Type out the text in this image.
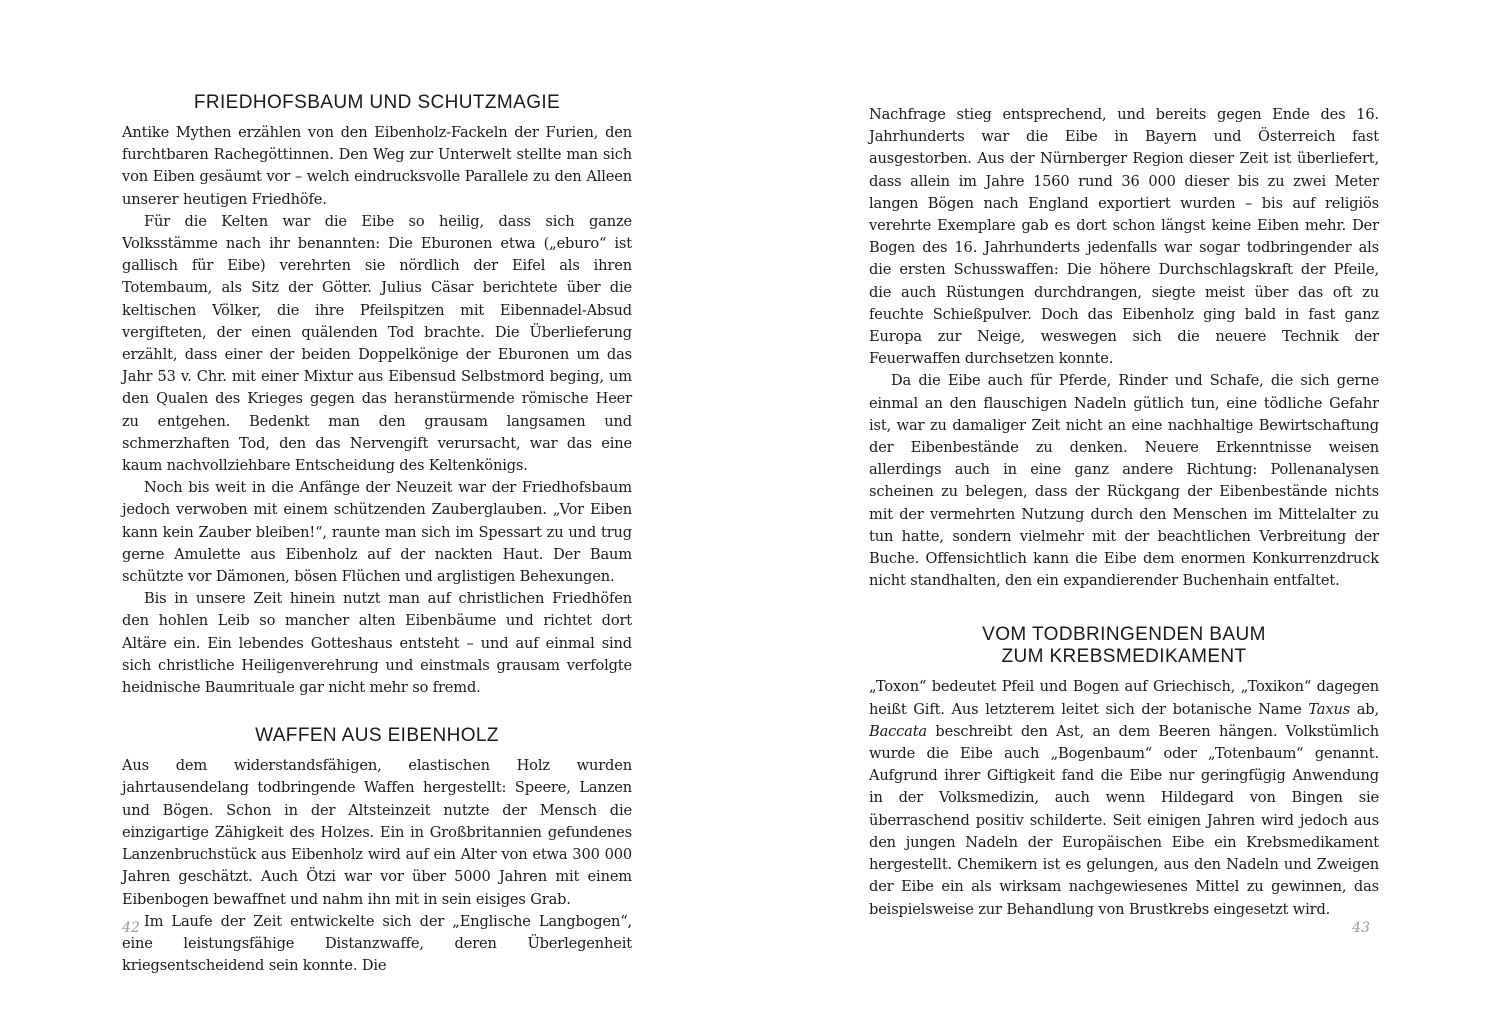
FRIEDHOFSBAUM UND SCHUTZMAGIE

Antike Mythen erzählen von den Eibenholz-Fackeln der Furien, den furchtbaren Rachegöttinnen. Den Weg zur Unterwelt stellte man sich von Eiben gesäumt vor – welch eindrucksvolle Parallele zu den Alleen unserer heutigen Friedhöfe.

Für die Kelten war die Eibe so heilig, dass sich ganze Volksstämme nach ihr benannten: Die Eburonen etwa („eburo“ ist gallisch für Eibe) verehrten sie nördlich der Eifel als ihren Totembaum, als Sitz der Götter. Julius Cäsar berichtete über die keltischen Völker, die ihre Pfeilspitzen mit Eibennadel-Absud vergifteten, der einen quälenden Tod brachte. Die Überlieferung erzählt, dass einer der beiden Doppelkönige der Eburonen um das Jahr 53 v. Chr. mit einer Mixtur aus Eibensud Selbstmord beging, um den Qualen des Krieges gegen das heranstürmende römische Heer zu entgehen. Bedenkt man den grausam langsamen und schmerzhaften Tod, den das Nervengift verursacht, war das eine kaum nachvollziehbare Entscheidung des Keltenkönigs.

Noch bis weit in die Anfänge der Neuzeit war der Friedhofsbaum jedoch verwoben mit einem schützenden Zauberglauben. „Vor Eiben kann kein Zauber bleiben!“, raunte man sich im Spessart zu und trug gerne Amulette aus Eibenholz auf der nackten Haut. Der Baum schützte vor Dämonen, bösen Flüchen und arglistigen Behexungen.

Bis in unsere Zeit hinein nutzt man auf christlichen Friedhöfen den hohlen Leib so mancher alten Eibenbäume und richtet dort Altäre ein. Ein lebendes Gotteshaus entsteht – und auf einmal sind sich christliche Heiligenverehrung und einstmals grausam verfolgte heidnische Baumrituale gar nicht mehr so fremd.

WAFFEN AUS EIBENHOLZ

Aus dem widerstandsfähigen, elastischen Holz wurden jahrtausendelang todbringende Waffen hergestellt: Speere, Lanzen und Bögen. Schon in der Altsteinzeit nutzte der Mensch die einzigartige Zähigkeit des Holzes. Ein in Großbritannien gefundenes Lanzenbruchstück aus Eibenholz wird auf ein Alter von etwa 300 000 Jahren geschätzt. Auch Ötzi war vor über 5000 Jahren mit einem Eibenbogen bewaffnet und nahm ihn mit in sein eisiges Grab.

Im Laufe der Zeit entwickelte sich der „Englische Langbogen“, eine leistungsfähige Distanzwaffe, deren Überlegenheit kriegsentscheidend sein konnte. Die

42

Nachfrage stieg entsprechend, und bereits gegen Ende des 16. Jahrhunderts war die Eibe in Bayern und Österreich fast ausgestorben. Aus der Nürnberger Region dieser Zeit ist überliefert, dass allein im Jahre 1560 rund 36 000 dieser bis zu zwei Meter langen Bögen nach England exportiert wurden – bis auf religiös verehrte Exemplare gab es dort schon längst keine Eiben mehr. Der Bogen des 16. Jahrhunderts jedenfalls war sogar todbringender als die ersten Schusswaffen: Die höhere Durchschlagskraft der Pfeile, die auch Rüstungen durchdrangen, siegte meist über das oft zu feuchte Schießpulver. Doch das Eibenholz ging bald in fast ganz Europa zur Neige, weswegen sich die neuere Technik der Feuerwaffen durchsetzen konnte.

Da die Eibe auch für Pferde, Rinder und Schafe, die sich gerne einmal an den flauschigen Nadeln gütlich tun, eine tödliche Gefahr ist, war zu damaliger Zeit nicht an eine nachhaltige Bewirtschaftung der Eibenbestände zu denken. Neuere Erkenntnisse weisen allerdings auch in eine ganz andere Richtung: Pollenanalysen scheinen zu belegen, dass der Rückgang der Eibenbestände nichts mit der vermehrten Nutzung durch den Menschen im Mittelalter zu tun hatte, sondern vielmehr mit der beachtlichen Verbreitung der Buche. Offensichtlich kann die Eibe dem enormen Konkurrenzdruck nicht standhalten, den ein expandierender Buchenhain entfaltet.

VOM TODBRINGENDEN BAUM
ZUM KREBSMEDIKAMENT

„Toxon“ bedeutet Pfeil und Bogen auf Griechisch, „Toxikon“ dagegen heißt Gift. Aus letzterem leitet sich der botanische Name Taxus ab, Baccata beschreibt den Ast, an dem Beeren hängen. Volkstümlich wurde die Eibe auch „Bogenbaum“ oder „Totenbaum“ genannt. Aufgrund ihrer Giftigkeit fand die Eibe nur geringfügig Anwendung in der Volksmedizin, auch wenn Hildegard von Bingen sie überraschend positiv schilderte. Seit einigen Jahren wird jedoch aus den jungen Nadeln der Europäischen Eibe ein Krebsmedikament hergestellt. Chemikern ist es gelungen, aus den Nadeln und Zweigen der Eibe ein als wirksam nachgewiesenes Mittel zu gewinnen, das beispielsweise zur Behandlung von Brustkrebs eingesetzt wird.

43
